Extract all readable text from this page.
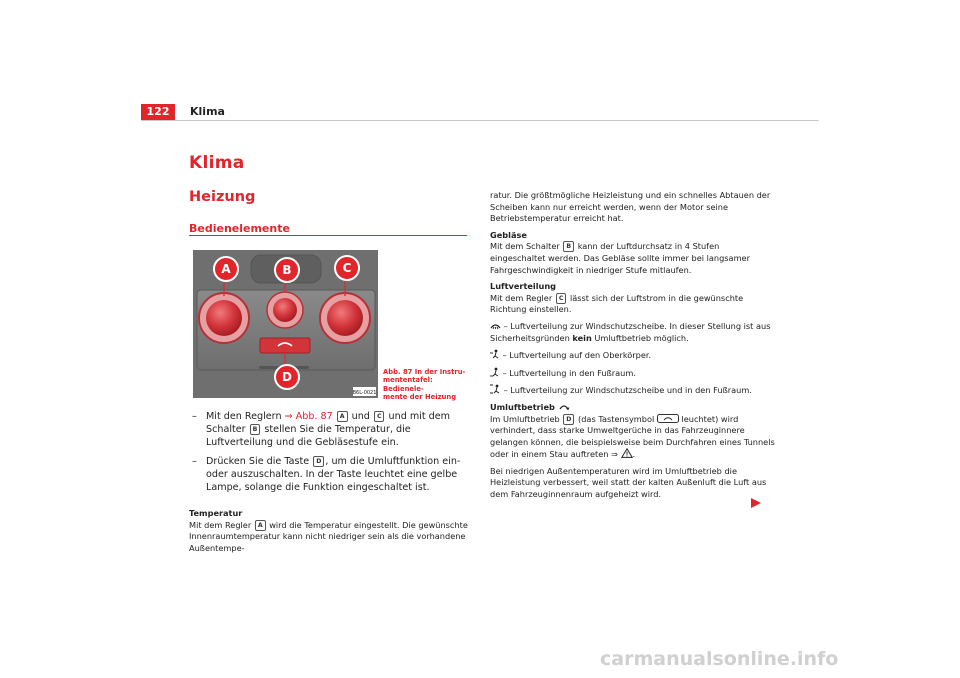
122	Klima
Klima
Heizung
Bedienelemente
B6L-0021
A	B	C
D	Abb. 87 In der Instru-
mententafel: Bedienele-
mente der Heizung
– Mit den Reglern ⇒ Abb. 87 A und C und mit dem Schalter B stellen Sie die Temperatur, die Luftverteilung und die Gebläsestufe ein.
– Drücken Sie die Taste D , um die Umluftfunktion ein- oder auszuschalten. In der Taste leuchtet eine gelbe Lampe, solange die Funktion eingeschaltet ist.

Temperatur

Mit dem Regler A wird die Temperatur eingestellt. Die gewünschte Innenraumtemperatur kann nicht niedriger sein als die vorhandene Außentempe-

ratur. Die größtmögliche Heizleistung und ein schnelles Abtauen der Scheiben kann nur erreicht werden, wenn der Motor seine Betriebstemperatur erreicht hat.

Gebläse

Mit dem Schalter B kann der Luftdurchsatz in 4 Stufen eingeschaltet werden. Das Gebläse sollte immer bei langsamer Fahrgeschwindigkeit in niedriger Stufe mitlaufen.

Luftverteilung

Mit dem Regler C lässt sich der Luftstrom in die gewünschte Richtung einstellen.

– Luftverteilung zur Windschutzscheibe. In dieser Stellung ist aus Sicherheitsgründen kein Umluftbetrieb möglich.

– Luftverteilung auf den Oberkörper.

– Luftverteilung in den Fußraum.

– Luftverteilung zur Windschutzscheibe und in den Fußraum.

Umluftbetrieb

Im Umluftbetrieb D (das Tastensymbol	leuchtet) wird verhindert, dass starke Umweltgerüche in das Fahrzeuginnere gelangen können, die beispielsweise beim Durchfahren eines Tunnels oder in einem Stau auftreten ⇒ .

Bei niedrigen Außentemperaturen wird im Umluftbetrieb die Heizleistung verbessert, weil statt der kalten Außenluft die Luft aus dem Fahrzeuginnenraum aufgeheizt wird.

carmanualsonline.info
